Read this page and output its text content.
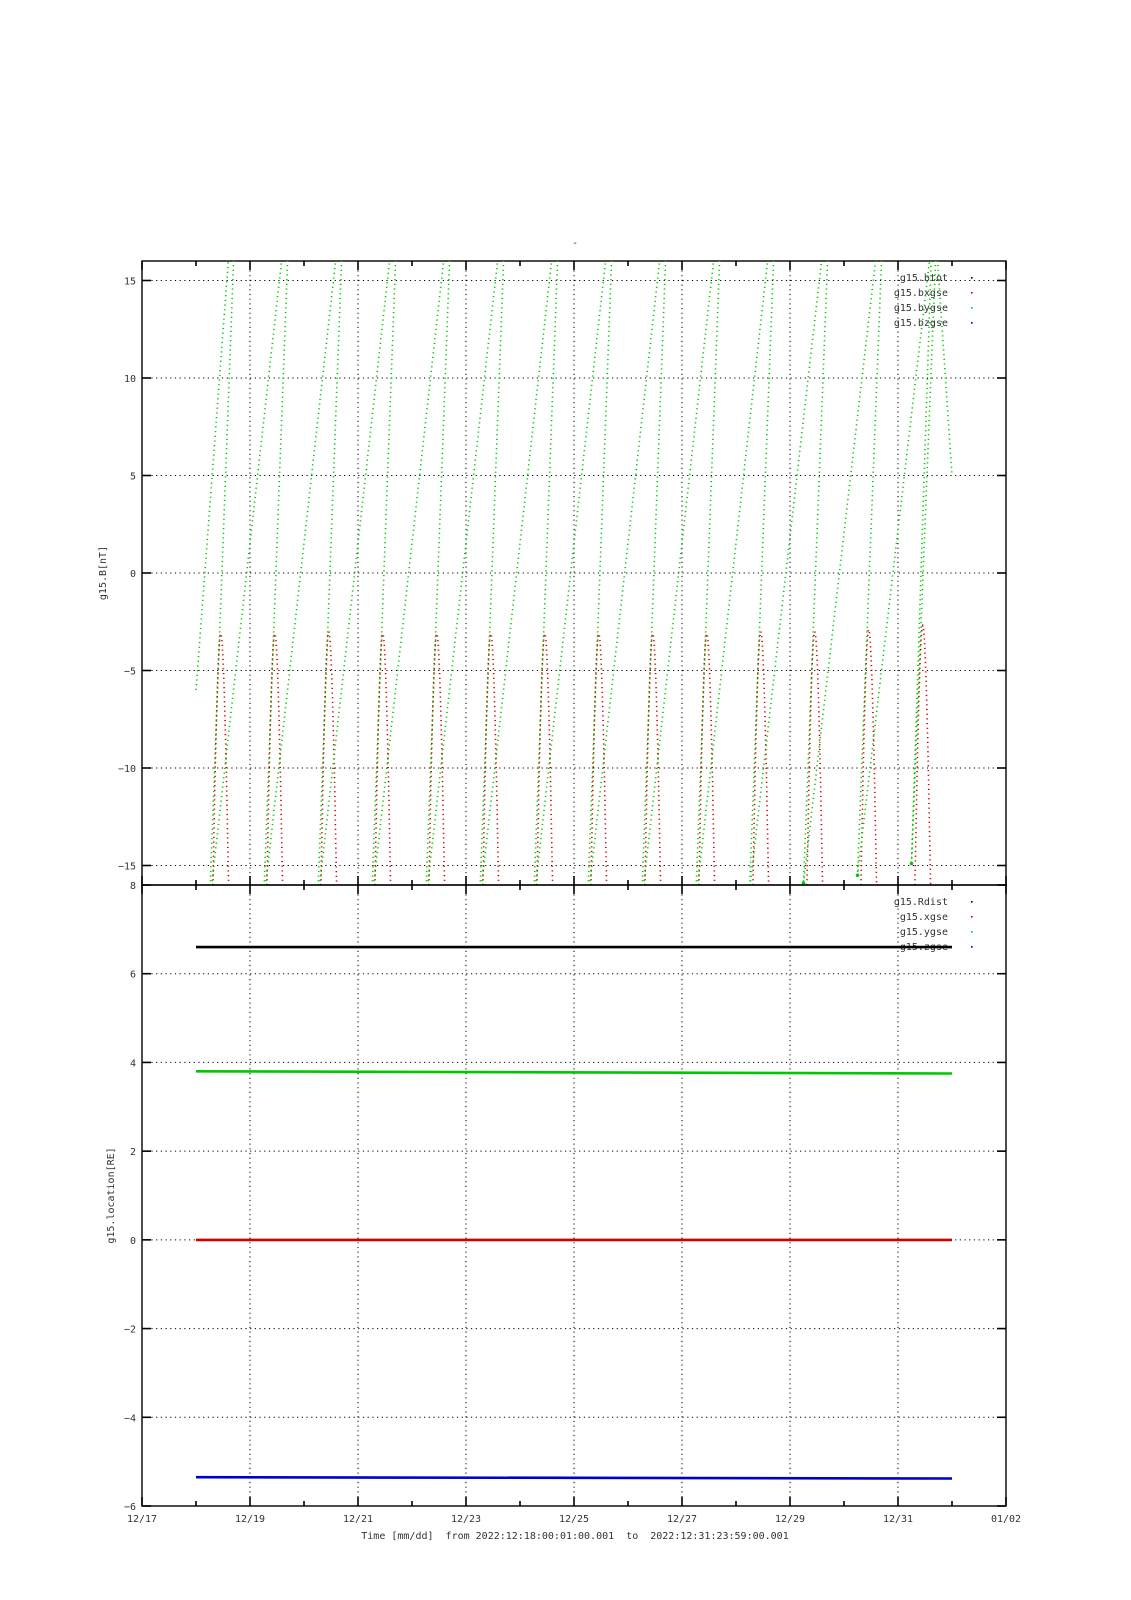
-
15
10
5
0
−5
−10
−15
g15.B[nT]
g15.btot
g15.bxgse
g15.bygse
g15.bzgse
8
6
4
2
0
−2
−4
−6
g15.location[RE]
g15.Rdist
g15.xgse
g15.ygse
g15.zgse
12/17	12/19	12/21	12/23	12/25	12/27	12/29	12/31	01/02
Time [mm/dd]  from 2022:12:18:00:01:00.001  to  2022:12:31:23:59:00.001
